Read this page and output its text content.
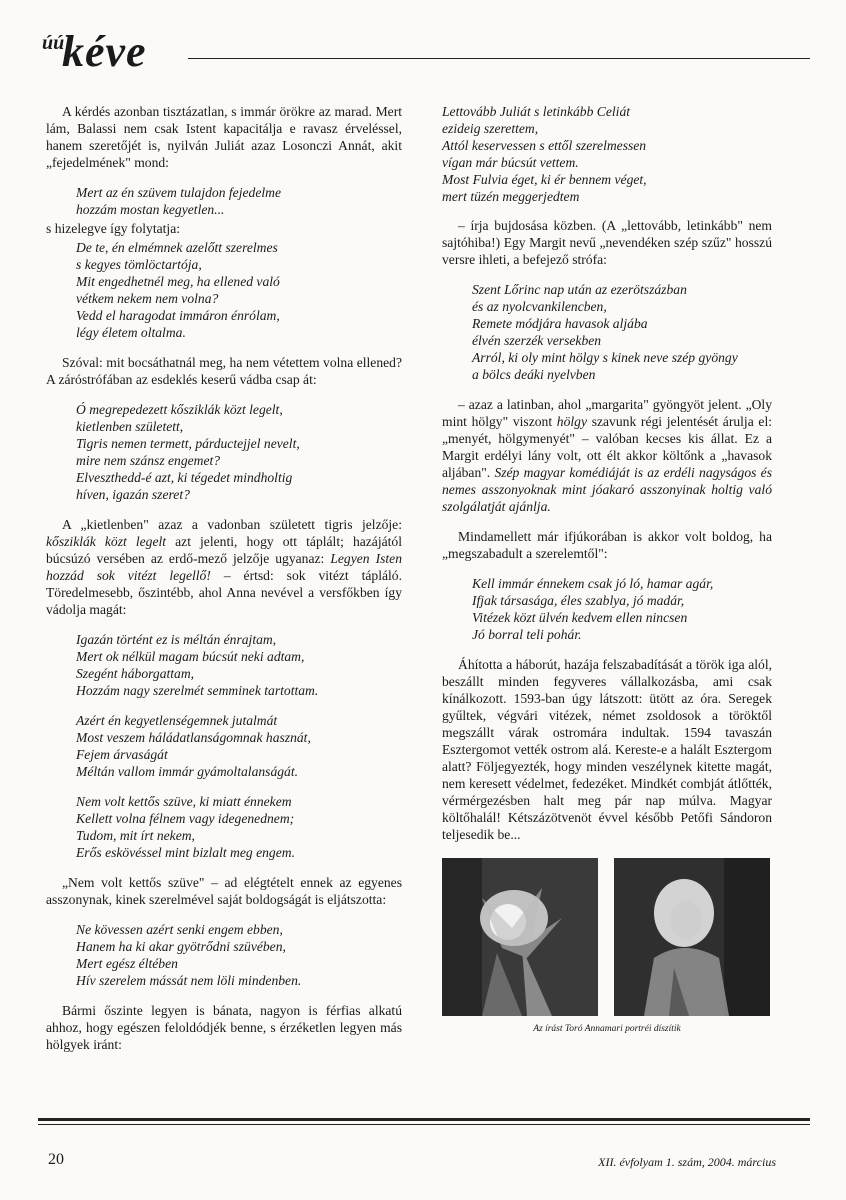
úú
kéve

A kérdés azonban tisztázatlan, s immár örökre az marad. Mert lám, Balassi nem csak Istent kapacitálja e ravasz érveléssel, hanem szeretőjét is, nyilván Juliát azaz Losonczi Annát, akit „fejedelmének" mond:

Mert az én szüvem tulajdon fejedelme
hozzám mostan kegyetlen...

s hizelegve így folytatja:

De te, én elmémnek azelőtt szerelmes
s kegyes tömlöctartója,
Mit engedhetnél meg, ha ellened való
vétkem nekem nem volna?
Vedd el haragodat immáron énrólam,
légy életem oltalma.

Szóval: mit bocsáthatnál meg, ha nem vétettem volna ellened? A záróstrófában az esdeklés keserű vádba csap át:

Ó megrepedezett kősziklák közt legelt,
kietlenben született,
Tigris nemen termett, párductejjel nevelt,
mire nem szánsz engemet?
Elveszthedd-é azt, ki tégedet mindholtig
híven, igazán szeret?

A „kietlenben" azaz a vadonban született tigris jelzője: kősziklák közt legelt azt jelenti, hogy ott táplált; hazájától búcsúzó versében az erdő-mező jelzője ugyanaz: Legyen Isten hozzád sok vitézt legellő! – értsd: sok vitézt tápláló. Töredelmesebb, őszintébb, ahol Anna nevével a versfőkben így vádolja magát:

Igazán történt ez is méltán énrajtam,
Mert ok nélkül magam búcsút neki adtam,
Szegént háborgattam,
Hozzám nagy szerelmét semminek tartottam.
Azért én kegyetlenségemnek jutalmát
Most veszem háládatlanságomnak hasznát,
Fejem árvaságát
Méltán vallom immár gyámoltalanságát.
Nem volt kettős szüve, ki miatt énnekem
Kellett volna félnem vagy idegenednem;
Tudom, mit írt nekem,
Erős eskövéssel mint bizlalt meg engem.

„Nem volt kettős szüve" – ad elégtételt ennek az egyenes asszonynak, kinek szerelmével saját boldogságát is eljátszotta:

Ne kövessen azért senki engem ebben,
Hanem ha ki akar gyötrődni szüvében,
Mert egész éltében
Hív szerelem mássát nem löli mindenben.

Bármi őszinte legyen is bánata, nagyon is férfias alkatú ahhoz, hogy egészen feloldódjék benne, s érzéketlen legyen más hölgyek iránt:

Lettovább Juliát s letinkább Celiát
ezideig szerettem,
Attól keservessen s ettől szerelmessen
vígan már búcsút vettem.
Most Fulvia éget, ki ér bennem véget,
mert tüzén meggerjedtem

– írja bujdosása közben. (A „lettovább, letinkább" nem sajtóhiba!) Egy Margit nevű „nevendéken szép szűz" hosszú versre ihleti, a befejező strófa:

Szent Lőrinc nap után az ezerötszázban
és az nyolcvankilencben,
Remete módjára havasok aljába
élvén szerzék versekben
Arról, ki oly mint hölgy s kinek neve szép gyöngy
a bölcs deáki nyelvben

– azaz a latinban, ahol „margarita" gyöngyöt jelent. „Oly mint hölgy" viszont hölgy szavunk régi jelentését árulja el: „menyét, hölgymenyét" – valóban kecses kis állat. Ez a Margit erdélyi lány volt, ott élt akkor költőnk a „havasok aljában". Szép magyar komédiáját is az erdéli nagyságos és nemes asszonyoknak mint jóakaró asszonyinak holtig való szolgálatját ajánlja.

Mindamellett már ifjúkorában is akkor volt boldog, ha „megszabadult a szerelemtől":

Kell immár énnekem csak jó ló, hamar agár,
Ifjak társasága, éles szablya, jó madár,
Vitézek közt ülvén kedvem ellen nincsen
Jó borral teli pohár.

Áhította a háborút, hazája felszabadítását a török iga alól, beszállt minden fegyveres vállalkozásba, ami csak kínálkozott. 1593-ban úgy látszott: ütött az óra. Seregek gyűltek, végvári vitézek, német zsoldosok a töröktől megszállt várak ostromára indultak. 1594 tavaszán Esztergomot vették ostrom alá. Kereste-e a halált Esztergom alatt? Följegyezték, hogy minden veszélynek kitette magát, nem keresett védelmet, fedezéket. Mindkét combját átlőtték, vérmérgezésben halt meg pár nap múlva. Magyar költőhalál! Kétszázötvenöt évvel később Petőfi Sándoron teljesedik be...

Az írást Toró Annamari portréi díszítik
20	XII. évfolyam 1. szám, 2004. március
